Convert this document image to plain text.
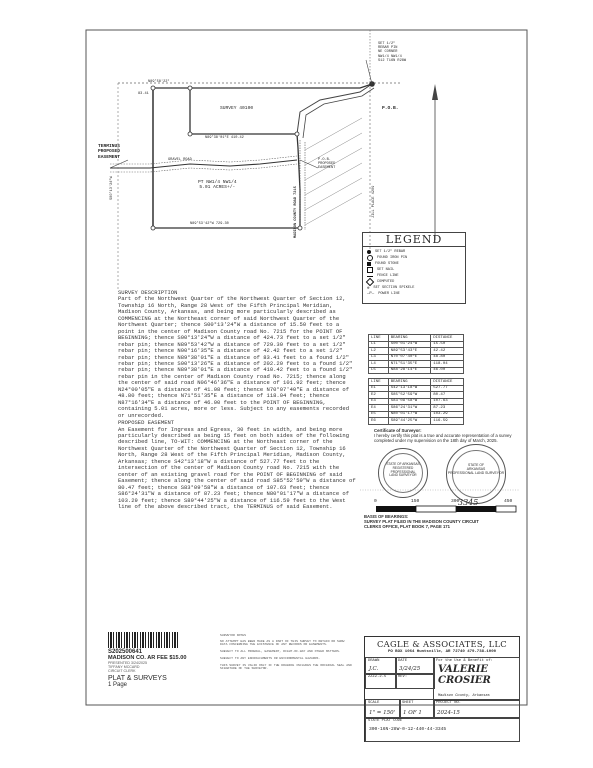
SET 1/2"
REBAR PIN
NE CORNER
NW1/4 NW1/4
S12 T16N R28W
P.O.B.
P.O.B.
PROPOSED
EASEMENT
TERMINUS
PROPOSED
EASEMENT
SURVEY 40100
PT NW1/4 NW1/4
5.01 ACRES+/-
N89°38'01"E 410.42
N89°53'42"W 729.30
GRAVEL ROAD
N89°58'22"
83.41
S00°13'24"W	MADISON COUNTY ROAD 7215	JILL PLACE 4209
LEGEND
SET 1/2" REBAR
FOUND IRON PIN
FOUND STONE
SET NAIL
FENCE LINE
COMPUTED
⊕ SET SECTION SPIKELE
—P— POWER LINE
LINE	BEARING	DISTANCE
L1	S00°01'24"W	15.50
L2	N89°53'43"E	42.42
L3	N70°07'40"E	48.80
L4	N71°51'35"E	118.04
L5	N88°28'14"E	46.00
LINE	BEARING	DISTANCE
E1	S42°13'18"W	527.77
E2	S85°52'59"W	80.47
E3	S83°09'58"W	107.63
E4	S86°24'31"W	87.23
E5	N80°01'17"W	103.29
E6	S89°44'25"W	116.59

SURVEY DESCRIPTION

Part of the Northwest Quarter of the Northwest Quarter of Section 12, Township 16 North, Range 28 West of the Fifth Principal Meridian, Madison County, Arkansas, and being more particularly described as COMMENCING at the Northeast corner of said Northwest Quarter of the Northwest Quarter; thence S00°13'24"W a distance of 15.50 feet to a point in the center of Madison County road No. 7215 for the POINT OF BEGINNING; thence S00°13'24"W a distance of 424.73 feet to a set 1/2" rebar pin; thence N89°53'42"W a distance of 729.30 feet to a set 1/2" rebar pin; thence N00°16'35"E a distance of 42.42 feet to a set 1/2" rebar pin; thence N89°38'01"E a distance of 83.41 feet to a found 1/2" rebar pin; thence S00°13'26"E a distance of 202.20 feet to a found 1/2" rebar pin; thence N89°38'01"E a distance of 410.42 feet to a found 1/2" rebar pin in the center of Madison County road No. 7215; thence along the center of said road N06°46'36"E a distance of 101.92 feet; thence N24°00'05"E a distance of 41.08 feet; thence N70°07'40"E a distance of 48.80 feet; thence N71°51'35"E a distance of 118.04 feet; thence N87°16'34"E a distance of 46.00 feet to the POINT OF BEGINNING, containing 5.01 acres, more or less. Subject to any easements recorded or unrecorded.

PROPOSED EASEMENT

An Easement for Ingress and Egress, 30 feet in width, and being more particularly described as being 15 feet on both sides of the following described line, TO-WIT: COMMENCING at the Northeast corner of the Northwest Quarter of the Northwest Quarter of Section 12, Township 16 North, Range 28 West of the Fifth Principal Meridian, Madison County, Arkansas; thence S42°13'18"W a distance of 527.77 feet to the intersection of the center of Madison County road No. 7215 with the center of an existing gravel road for the POINT OF BEGINNING of said Easement; thence along the center of said road S85°52'59"W a distance of 80.47 feet; thence S83°09'58"W a distance of 107.63 feet; thence S86°24'31"W a distance of 87.23 feet; thence N80°01'17"W a distance of 103.29 feet; thence S89°44'25"W a distance of 116.59 feet to the West line of the above described tract, the TERMINUS of said Easement.

Certificate of Surveyor:
I hereby certify this plat is a true and accurate representation of a survey completed under my supervision on the 18th day of March, 2025.
STATE OF ARKANSAS
REGISTERED
PROFESSIONAL
LAND SURVEYOR
STATE OF
ARKANSAS
PROFESSIONAL LAND SURVEYOR
3345
BASIS OF BEARINGS:
SURVEY PLAT FILED IN THE MADISON COUNTY CIRCUIT CLERKS OFFICE, PLAT BOOK 7, PAGE 171
0	150	300	450
S202500641
MADISON CO. AR FEE $15.00
PRESENTED 3/24/2025
TIFFANY MCCARD
CIRCUIT CLERK
PLAT & SURVEYS
1 Page
SURVEYOR NOTES
NO ATTEMPT HAS BEEN MADE AS A PART OF THIS SURVEY TO OBTAIN OR SHOW DATA CONCERNING THE EXISTENCE OF ANY RECORDS OR EASEMENTS.
SUBJECT TO ALL MINERAL, EASEMENT, RIGHT-OF-WAY AND OTHER MATTERS.
SUBJECT TO ANY ENCROACHMENTS OR ENVIRONMENTAL HAZARDS.
THIS SURVEY IS VALID ONLY IF THE DRAWING INCLUDES THE ORIGINAL SEAL AND SIGNATURE OF THE SURVEYOR.
CAGLE & ASSOCIATES, LLC
PO BOX 1064 Huntsville, AR 72740 479-738-1000
DRAWN
J.C.
DATE
3/24/25
ZZZZ-2-5	REV:
For the Use & Benefit of:
VALERIE CROSIER
Madison County, Arkansas
SCALE
1" = 150'
SHEET
1 OF 1
PROJECT NO.
2024-15
STATE PLAT CODE
300-16N-28W-0-12-440-44-3345
